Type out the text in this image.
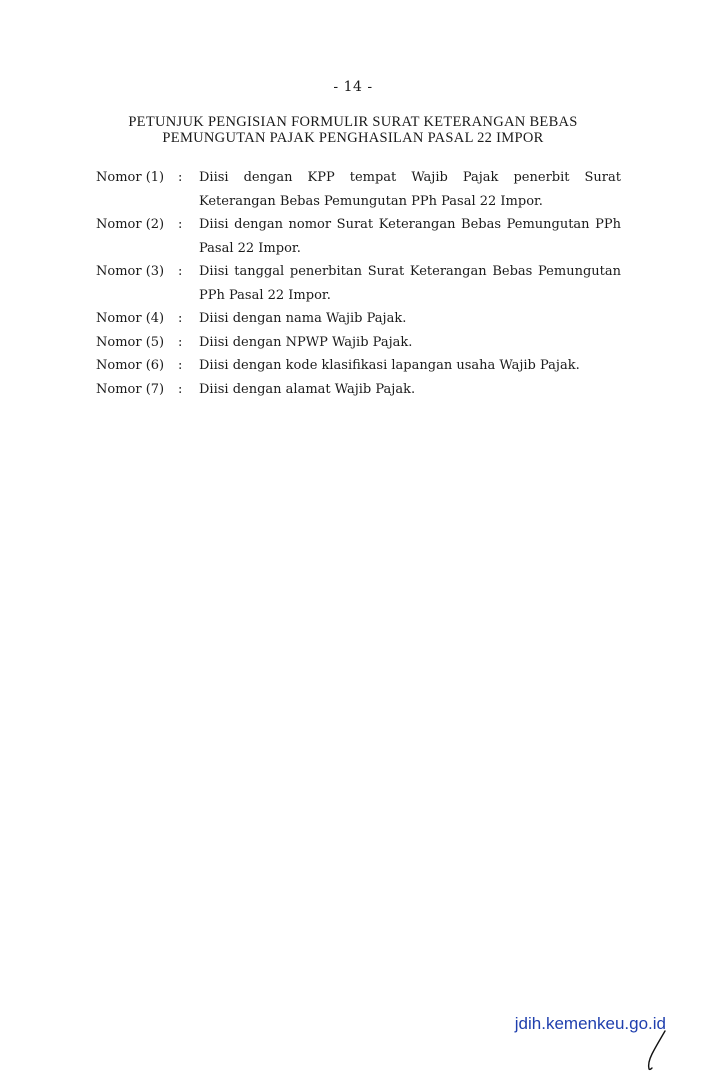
- 14 -
PETUNJUK PENGISIAN FORMULIR SURAT KETERANGAN BEBAS
PEMUNGUTAN PAJAK PENGHASILAN PASAL 22 IMPOR
Nomor (1)	:	Diisi dengan KPP tempat Wajib Pajak penerbit Surat Keterangan Bebas Pemungutan PPh Pasal 22 Impor.
Nomor (2)	:	Diisi dengan nomor Surat Keterangan Bebas Pemungutan PPh Pasal 22 Impor.
Nomor (3)	:	Diisi tanggal penerbitan Surat Keterangan Bebas Pemungutan PPh Pasal 22 Impor.
Nomor (4)	:	Diisi dengan nama Wajib Pajak.
Nomor (5)	:	Diisi dengan NPWP Wajib Pajak.
Nomor (6)	:	Diisi dengan kode klasifikasi lapangan usaha Wajib Pajak.
Nomor (7)	:	Diisi dengan alamat Wajib Pajak.
jdih.kemenkeu.go.id
